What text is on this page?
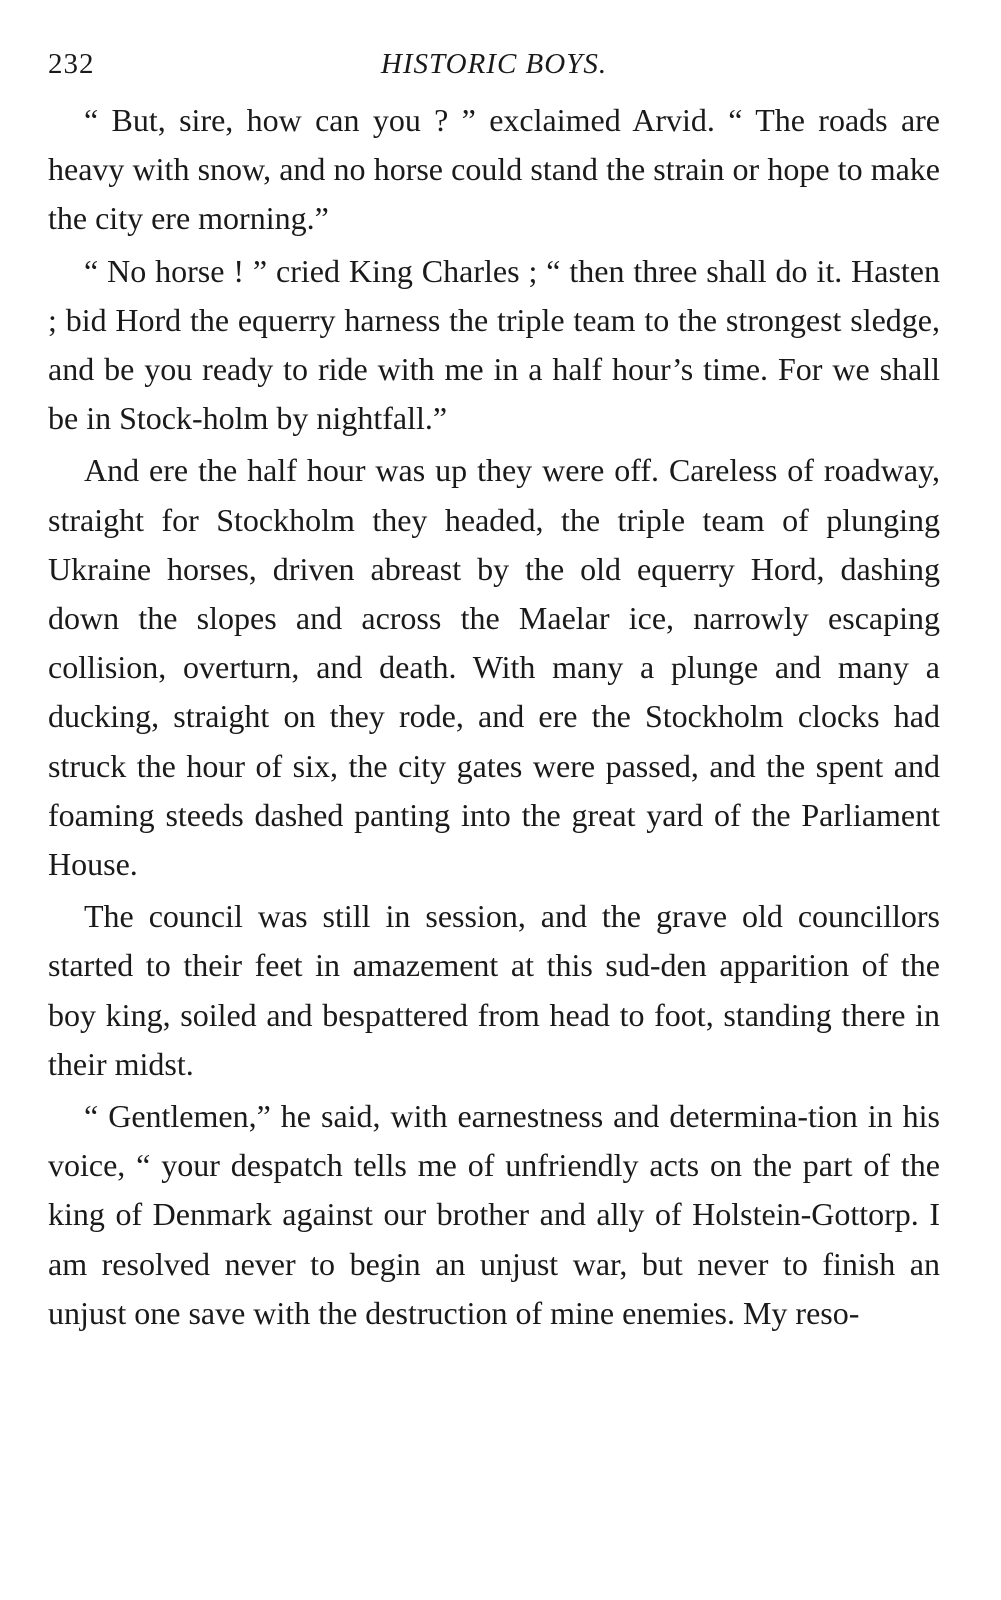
232	HISTORIC BOYS.

“ But, sire, how can you ? ” exclaimed Arvid. “ The roads are heavy with snow, and no horse could stand the strain or hope to make the city ere morning.”

“ No horse ! ” cried King Charles ; “ then three shall do it. Hasten ; bid Hord the equerry harness the triple team to the strongest sledge, and be you ready to ride with me in a half hour’s time. For we shall be in Stock-holm by nightfall.”

And ere the half hour was up they were off. Careless of roadway, straight for Stockholm they headed, the triple team of plunging Ukraine horses, driven abreast by the old equerry Hord, dashing down the slopes and across the Maelar ice, narrowly escaping collision, overturn, and death. With many a plunge and many a ducking, straight on they rode, and ere the Stockholm clocks had struck the hour of six, the city gates were passed, and the spent and foaming steeds dashed panting into the great yard of the Parliament House.

The council was still in session, and the grave old councillors started to their feet in amazement at this sud-den apparition of the boy king, soiled and bespattered from head to foot, standing there in their midst.

“ Gentlemen,” he said, with earnestness and determina-tion in his voice, “ your despatch tells me of unfriendly acts on the part of the king of Denmark against our brother and ally of Holstein-Gottorp. I am resolved never to begin an unjust war, but never to finish an unjust one save with the destruction of mine enemies. My reso-
